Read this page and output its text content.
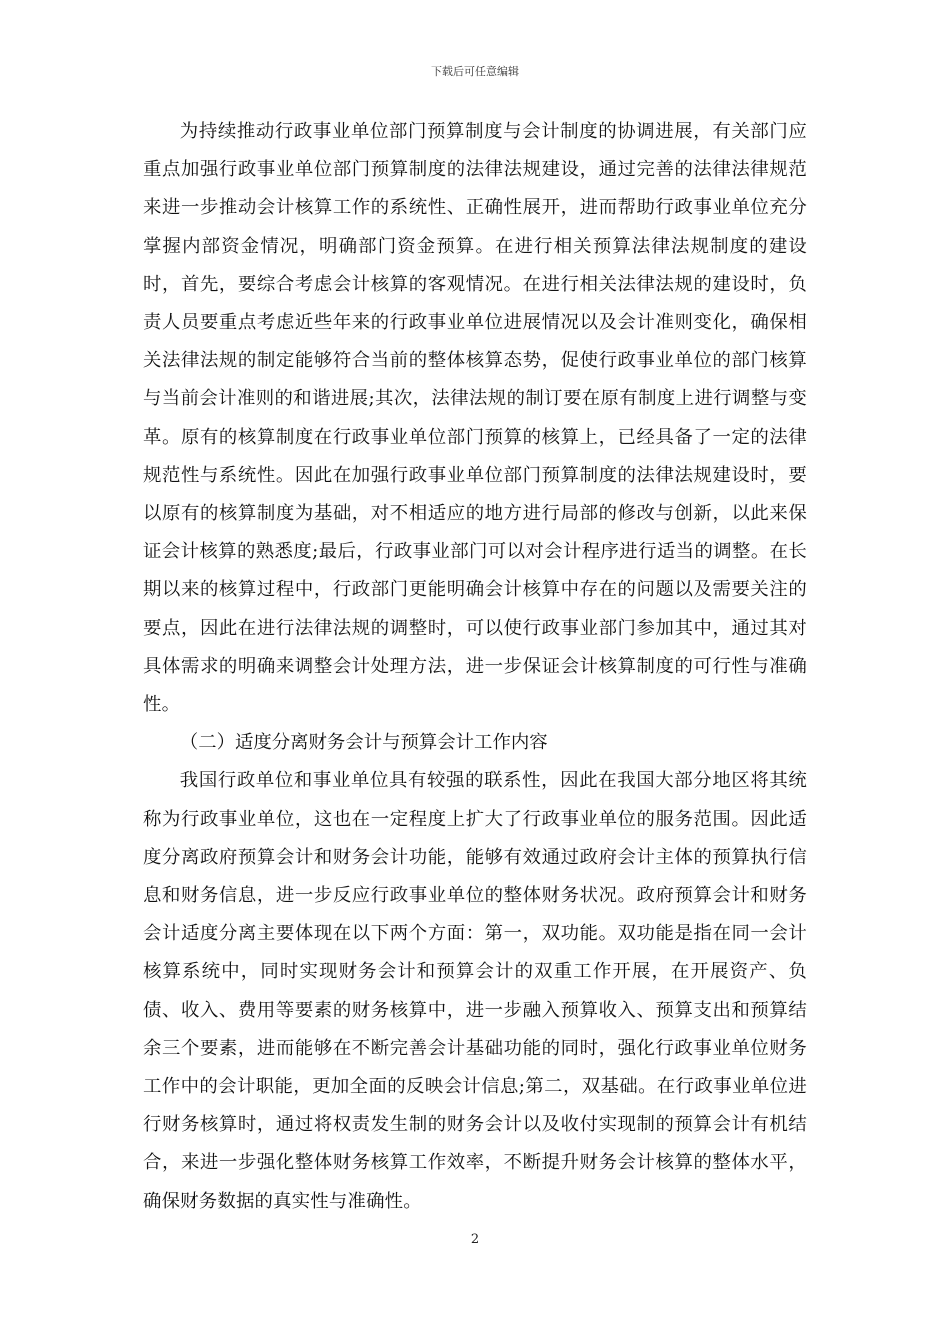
下载后可任意编辑

为持续推动行政事业单位部门预算制度与会计制度的协调进展，有关部门应重点加强行政事业单位部门预算制度的法律法规建设，通过完善的法律法律规范来进一步推动会计核算工作的系统性、正确性展开，进而帮助行政事业单位充分掌握内部资金情况，明确部门资金预算。在进行相关预算法律法规制度的建设时，首先，要综合考虑会计核算的客观情况。在进行相关法律法规的建设时，负责人员要重点考虑近些年来的行政事业单位进展情况以及会计准则变化，确保相关法律法规的制定能够符合当前的整体核算态势，促使行政事业单位的部门核算与当前会计准则的和谐进展;其次，法律法规的制订要在原有制度上进行调整与变革。原有的核算制度在行政事业单位部门预算的核算上，已经具备了一定的法律规范性与系统性。因此在加强行政事业单位部门预算制度的法律法规建设时，要以原有的核算制度为基础，对不相适应的地方进行局部的修改与创新，以此来保证会计核算的熟悉度;最后，行政事业部门可以对会计程序进行适当的调整。在长期以来的核算过程中，行政部门更能明确会计核算中存在的问题以及需要关注的要点，因此在进行法律法规的调整时，可以使行政事业部门参加其中，通过其对具体需求的明确来调整会计处理方法，进一步保证会计核算制度的可行性与准确性。

（二）适度分离财务会计与预算会计工作内容

我国行政单位和事业单位具有较强的联系性，因此在我国大部分地区将其统称为行政事业单位，这也在一定程度上扩大了行政事业单位的服务范围。因此适度分离政府预算会计和财务会计功能，能够有效通过政府会计主体的预算执行信息和财务信息，进一步反应行政事业单位的整体财务状况。政府预算会计和财务会计适度分离主要体现在以下两个方面：第一，双功能。双功能是指在同一会计核算系统中，同时实现财务会计和预算会计的双重工作开展，在开展资产、负债、收入、费用等要素的财务核算中，进一步融入预算收入、预算支出和预算结余三个要素，进而能够在不断完善会计基础功能的同时，强化行政事业单位财务工作中的会计职能，更加全面的反映会计信息;第二，双基础。在行政事业单位进行财务核算时，通过将权责发生制的财务会计以及收付实现制的预算会计有机结合，来进一步强化整体财务核算工作效率，不断提升财务会计核算的整体水平，确保财务数据的真实性与准确性。

2
